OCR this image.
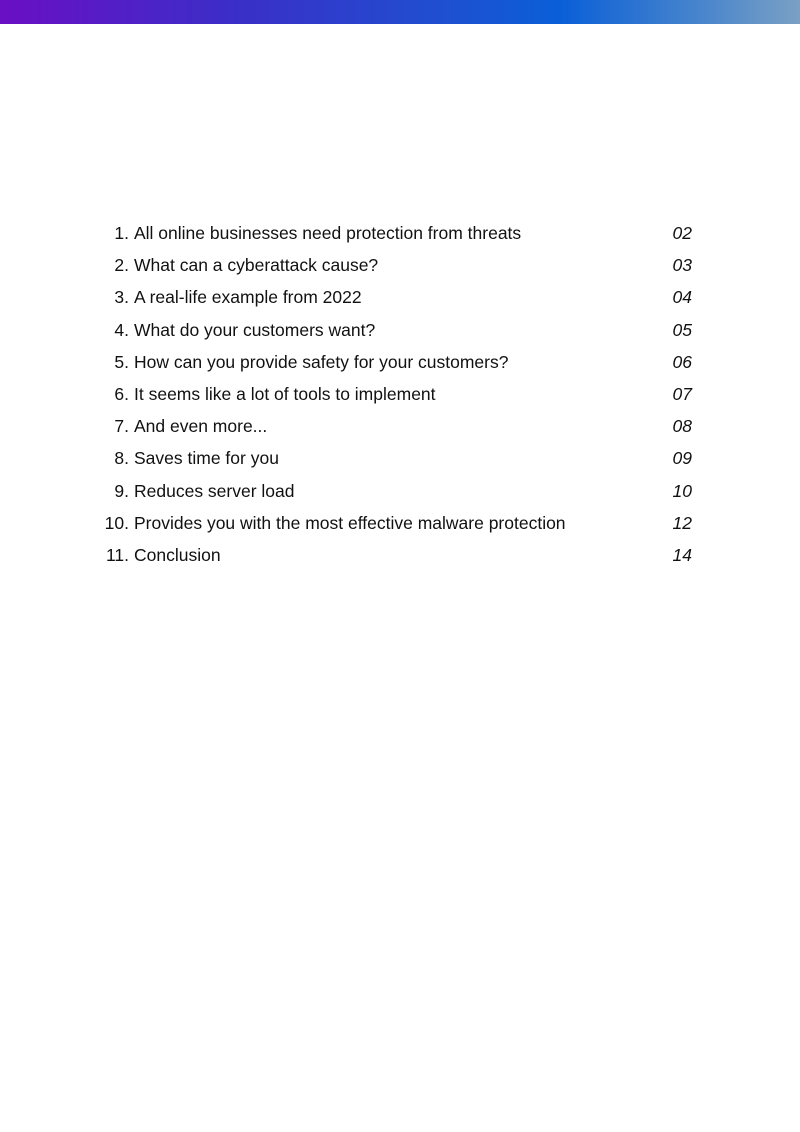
1. All online businesses need protection from threats	02
2. What can a cyberattack cause?	03
3. A real-life example from 2022	04
4. What do your customers want?	05
5. How can you provide safety for your customers?	06
6. It seems like a lot of tools to implement	07
7. And even more...	08
8. Saves time for you	09
9. Reduces server load	10
10. Provides you with the most effective malware protection	12
11. Conclusion	14
